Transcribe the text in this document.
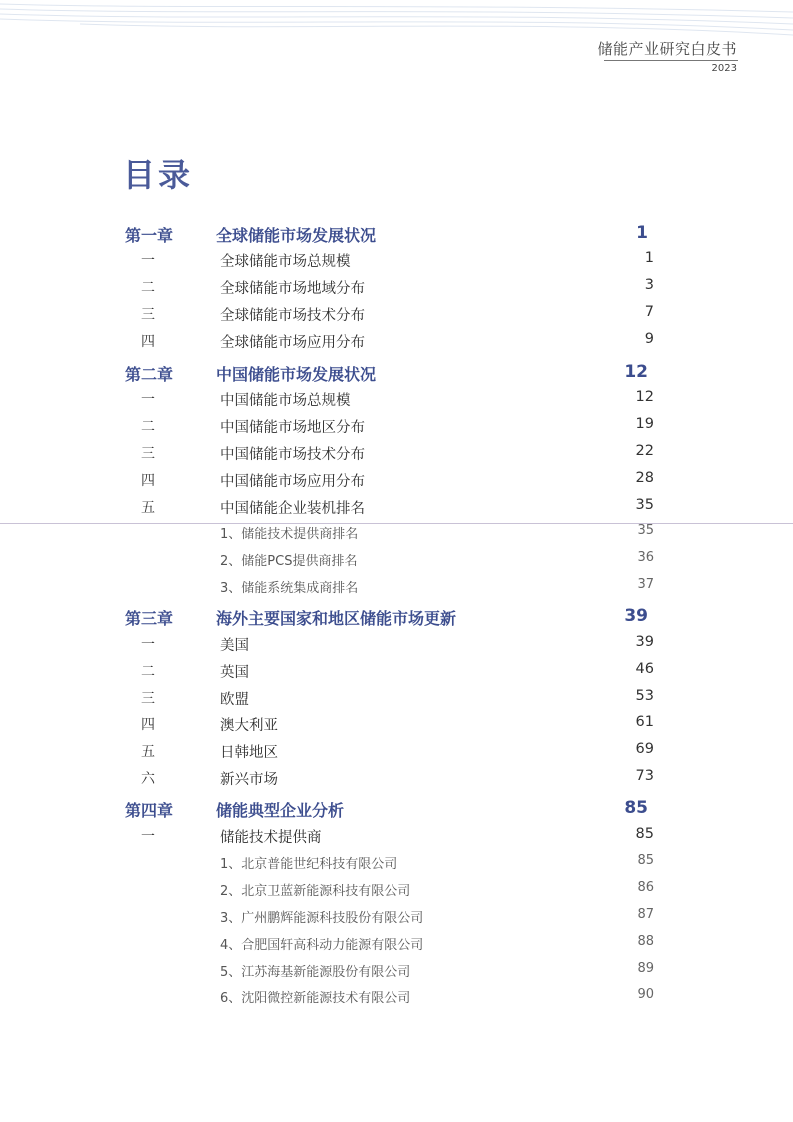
储能产业研究白皮书
2023
目录
第一章	全球储能市场发展状况	1
一	全球储能市场总规模	1
二	全球储能市场地域分布	3
三	全球储能市场技术分布	7
四	全球储能市场应用分布	9
第二章	中国储能市场发展状况	12
一	中国储能市场总规模	12
二	中国储能市场地区分布	19
三	中国储能市场技术分布	22
四	中国储能市场应用分布	28
五	中国储能企业装机排名	35
1、储能技术提供商排名	35
2、储能PCS提供商排名	36
3、储能系统集成商排名	37
第三章	海外主要国家和地区储能市场更新	39
一	美国	39
二	英国	46
三	欧盟	53
四	澳大利亚	61
五	日韩地区	69
六	新兴市场	73
第四章	储能典型企业分析	85
一	储能技术提供商	85
1、北京普能世纪科技有限公司	85
2、北京卫蓝新能源科技有限公司	86
3、广州鹏辉能源科技股份有限公司	87
4、合肥国轩高科动力能源有限公司	88
5、江苏海基新能源股份有限公司	89
6、沈阳微控新能源技术有限公司	90
